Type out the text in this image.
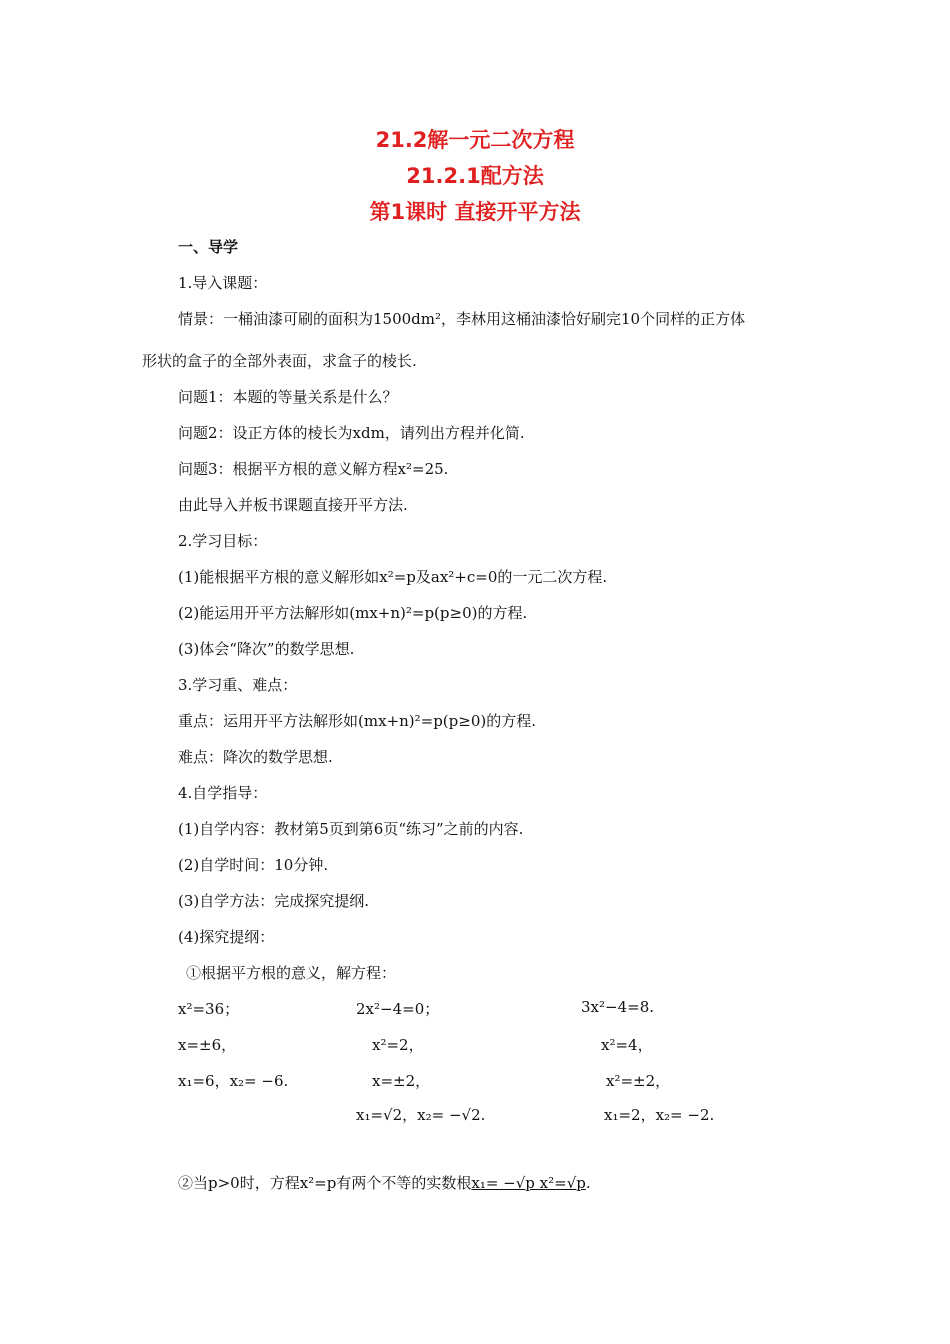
21.2解一元二次方程
21.2.1配方法
第1课时 直接开平方法
一、导学
1.导入课题：
情景：一桶油漆可刷的面积为1500dm²，李林用这桶油漆恰好刷完10个同样的正方体
形状的盒子的全部外表面，求盒子的棱长.
问题1：本题的等量关系是什么？
问题2：设正方体的棱长为xdm，请列出方程并化简.
问题3：根据平方根的意义解方程x²=25.
由此导入并板书课题直接开平方法.
2.学习目标：
(1)能根据平方根的意义解形如x²=p及ax²+c=0的一元二次方程.
(2)能运用开平方法解形如(mx+n)²=p(p≥0)的方程.
(3)体会“降次”的数学思想.
3.学习重、难点：
重点：运用开平方法解形如(mx+n)²=p(p≥0)的方程.
难点：降次的数学思想.
4.自学指导：
(1)自学内容：教材第5页到第6页“练习”之前的内容.
(2)自学时间：10分钟.
(3)自学方法：完成探究提纲.
(4)探究提纲：
①根据平方根的意义，解方程：
x²=36；
x=±6，
x₁=6，x₂= −6.
2x²−4=0；
x²=2，
x=±2，
x₁=√2，x₂= −√2.
3x²−4=8.
x²=4，
x²=±2，
x₁=2，x₂= −2.
②当p>0时，方程x²=p有两个不等的实数根x₁= −√p x²=√p.
